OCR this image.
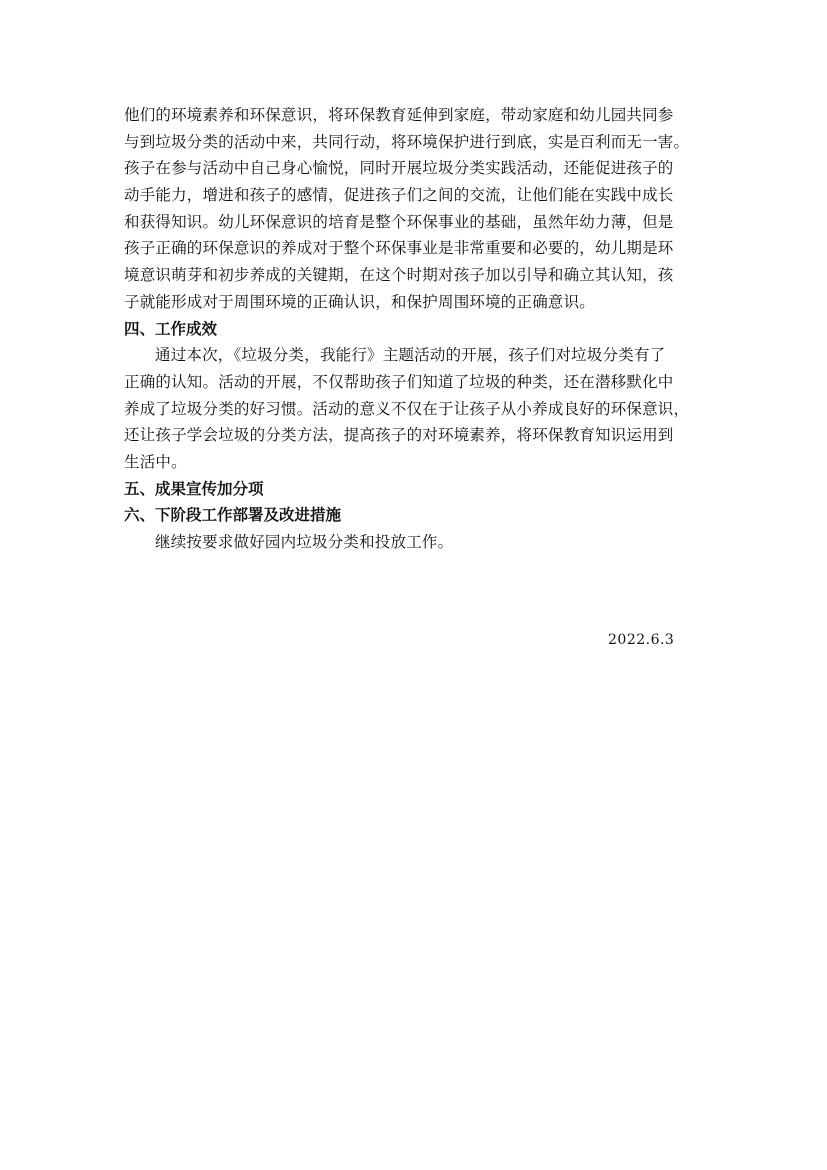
他们的环境素养和环保意识，将环保教育延伸到家庭，带动家庭和幼儿园共同参
与到垃圾分类的活动中来，共同行动，将环境保护进行到底，实是百利而无一害。
孩子在参与活动中自己身心愉悦，同时开展垃圾分类实践活动，还能促进孩子的
动手能力，增进和孩子的感情，促进孩子们之间的交流，让他们能在实践中成长
和获得知识。幼儿环保意识的培育是整个环保事业的基础，虽然年幼力薄，但是
孩子正确的环保意识的养成对于整个环保事业是非常重要和必要的，幼儿期是环
境意识萌芽和初步养成的关键期，在这个时期对孩子加以引导和确立其认知，孩
子就能形成对于周围环境的正确认识，和保护周围环境的正确意识。
四、工作成效
通过本次，《垃圾分类，我能行》主题活动的开展，孩子们对垃圾分类有了
正确的认知。活动的开展，不仅帮助孩子们知道了垃圾的种类，还在潜移默化中
养成了垃圾分类的好习惯。活动的意义不仅在于让孩子从小养成良好的环保意识，
还让孩子学会垃圾的分类方法，提高孩子的对环境素养，将环保教育知识运用到
生活中。
五、成果宣传加分项
六、下阶段工作部署及改进措施
继续按要求做好园内垃圾分类和投放工作。
2022.6.3
